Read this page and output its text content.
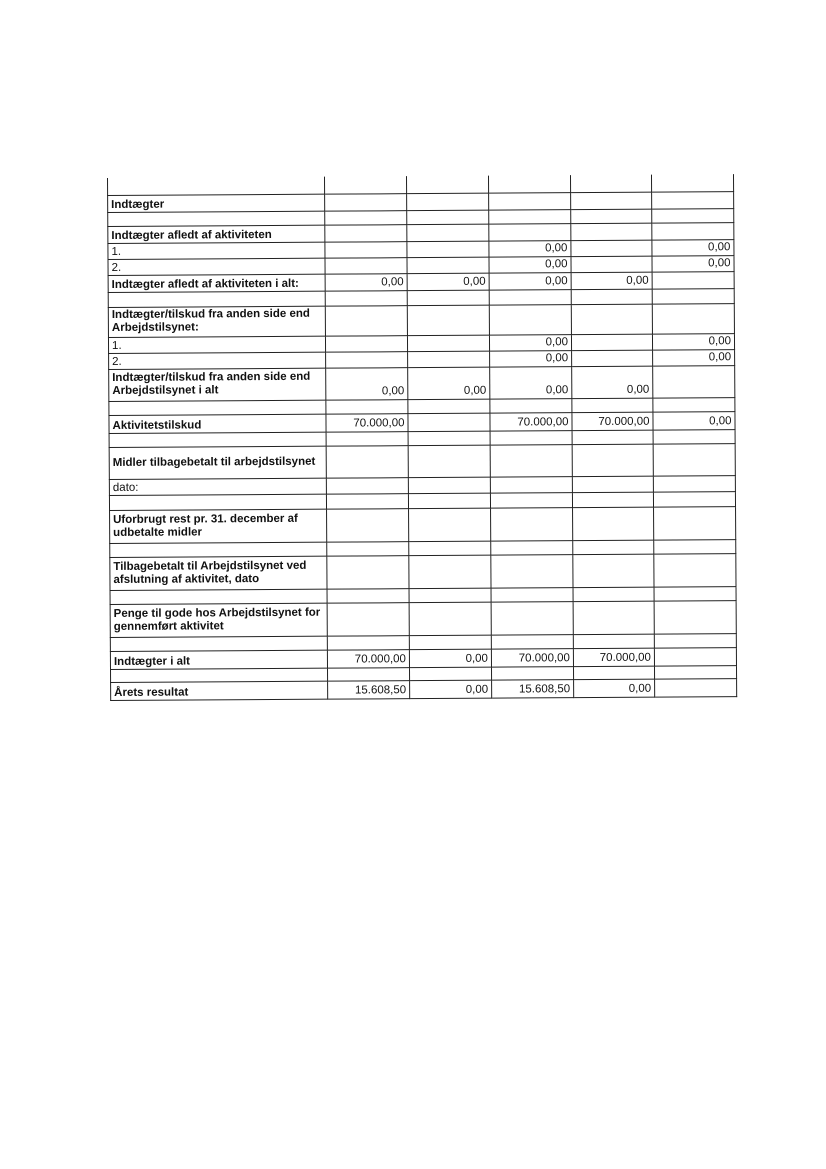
Indtægter					

Indtægter afledt af aktiviteten					
1.			0,00		0,00
2.			0,00		0,00
Indtægter afledt af aktiviteten i alt:	0,00	0,00	0,00	0,00	

Indtægter/tilskud fra anden side end Arbejdstilsynet:					
1.			0,00		0,00
2.			0,00		0,00
Indtægter/tilskud fra anden side end Arbejdstilsynet i alt	0,00	0,00	0,00	0,00	

Aktivitetstilskud	70.000,00		70.000,00	70.000,00	0,00

Midler tilbagebetalt til arbejdstilsynet					
dato:					

Uforbrugt rest pr. 31. december af udbetalte midler					

Tilbagebetalt til Arbejdstilsynet ved afslutning af aktivitet, dato					

Penge til gode hos Arbejdstilsynet for gennemført aktivitet					

Indtægter i alt	70.000,00	0,00	70.000,00	70.000,00	

Årets resultat	15.608,50	0,00	15.608,50	0,00	
